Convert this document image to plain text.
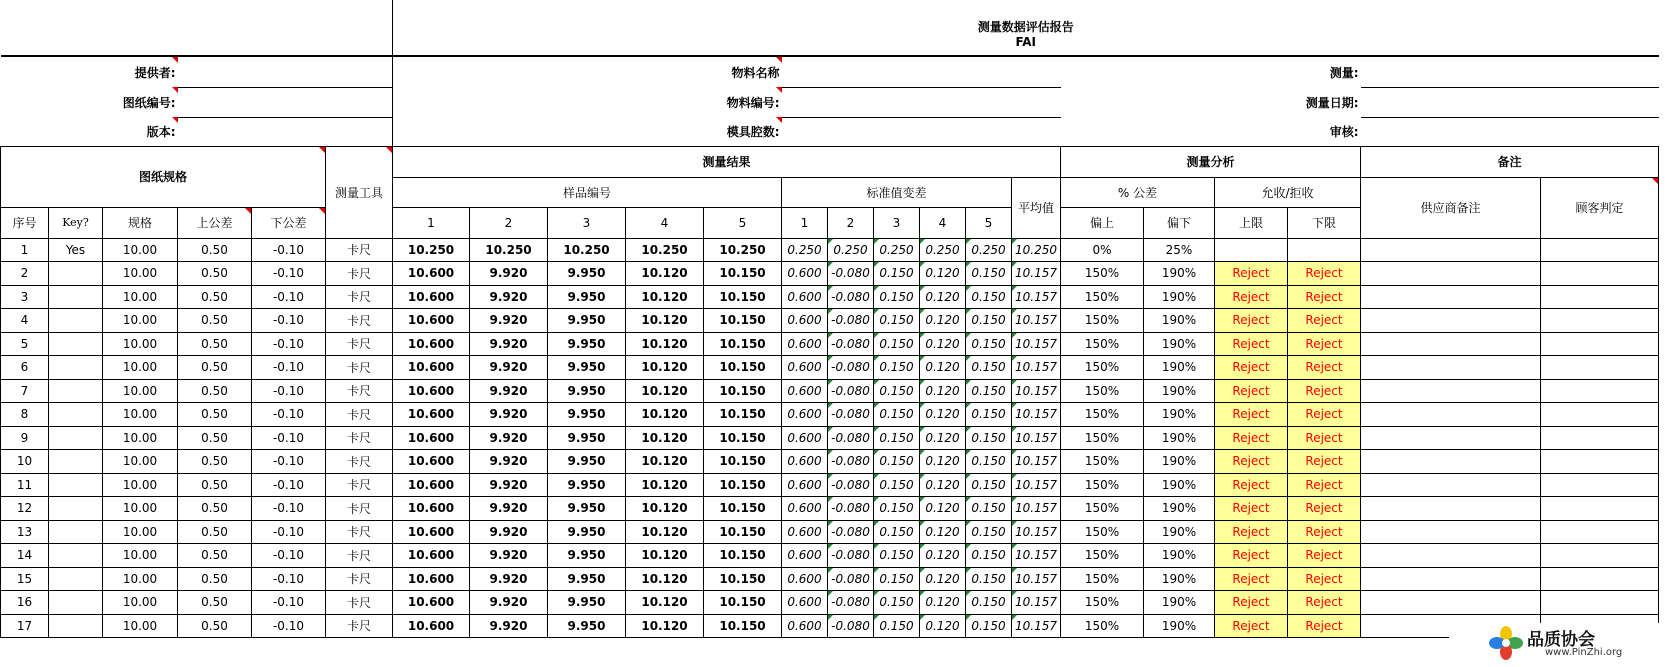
						测量数据评估报告																
						FAI																
提供者:						物料名称											测量:					
图纸编号:						物料编号:											测量日期:					
版本:						模具腔数:											审核:					
图纸规格					测量工具	测量结果											测量分析				备注	
						样品编号					标准值变差					平均值	% 公差		允收/拒收		供应商备注	顾客判定
序号	Key?	规格	上公差	下公差		1	2	3	4	5	1	2	3	4	5		偏上	偏下	上限	下限		
1	Yes	10.00	0.50	-0.10	卡尺	10.250	10.250	10.250	10.250	10.250	0.250	0.250	0.250	0.250	0.250	10.250	0%	25%				
2		10.00	0.50	-0.10	卡尺	10.600	9.920	9.950	10.120	10.150	0.600	-0.080	0.150	0.120	0.150	10.157	150%	190%	Reject	Reject		
3		10.00	0.50	-0.10	卡尺	10.600	9.920	9.950	10.120	10.150	0.600	-0.080	0.150	0.120	0.150	10.157	150%	190%	Reject	Reject		
4		10.00	0.50	-0.10	卡尺	10.600	9.920	9.950	10.120	10.150	0.600	-0.080	0.150	0.120	0.150	10.157	150%	190%	Reject	Reject		
5		10.00	0.50	-0.10	卡尺	10.600	9.920	9.950	10.120	10.150	0.600	-0.080	0.150	0.120	0.150	10.157	150%	190%	Reject	Reject		
6		10.00	0.50	-0.10	卡尺	10.600	9.920	9.950	10.120	10.150	0.600	-0.080	0.150	0.120	0.150	10.157	150%	190%	Reject	Reject		
7		10.00	0.50	-0.10	卡尺	10.600	9.920	9.950	10.120	10.150	0.600	-0.080	0.150	0.120	0.150	10.157	150%	190%	Reject	Reject		
8		10.00	0.50	-0.10	卡尺	10.600	9.920	9.950	10.120	10.150	0.600	-0.080	0.150	0.120	0.150	10.157	150%	190%	Reject	Reject		
9		10.00	0.50	-0.10	卡尺	10.600	9.920	9.950	10.120	10.150	0.600	-0.080	0.150	0.120	0.150	10.157	150%	190%	Reject	Reject		
10		10.00	0.50	-0.10	卡尺	10.600	9.920	9.950	10.120	10.150	0.600	-0.080	0.150	0.120	0.150	10.157	150%	190%	Reject	Reject		
11		10.00	0.50	-0.10	卡尺	10.600	9.920	9.950	10.120	10.150	0.600	-0.080	0.150	0.120	0.150	10.157	150%	190%	Reject	Reject		
12		10.00	0.50	-0.10	卡尺	10.600	9.920	9.950	10.120	10.150	0.600	-0.080	0.150	0.120	0.150	10.157	150%	190%	Reject	Reject		
13		10.00	0.50	-0.10	卡尺	10.600	9.920	9.950	10.120	10.150	0.600	-0.080	0.150	0.120	0.150	10.157	150%	190%	Reject	Reject		
14		10.00	0.50	-0.10	卡尺	10.600	9.920	9.950	10.120	10.150	0.600	-0.080	0.150	0.120	0.150	10.157	150%	190%	Reject	Reject		
15		10.00	0.50	-0.10	卡尺	10.600	9.920	9.950	10.120	10.150	0.600	-0.080	0.150	0.120	0.150	10.157	150%	190%	Reject	Reject		
16		10.00	0.50	-0.10	卡尺	10.600	9.920	9.950	10.120	10.150	0.600	-0.080	0.150	0.120	0.150	10.157	150%	190%	Reject	Reject		
17		10.00	0.50	-0.10	卡尺	10.600	9.920	9.950	10.120	10.150	0.600	-0.080	0.150	0.120	0.150	10.157	150%	190%	Reject	Reject		
品质协会
www.PinZhi.org
